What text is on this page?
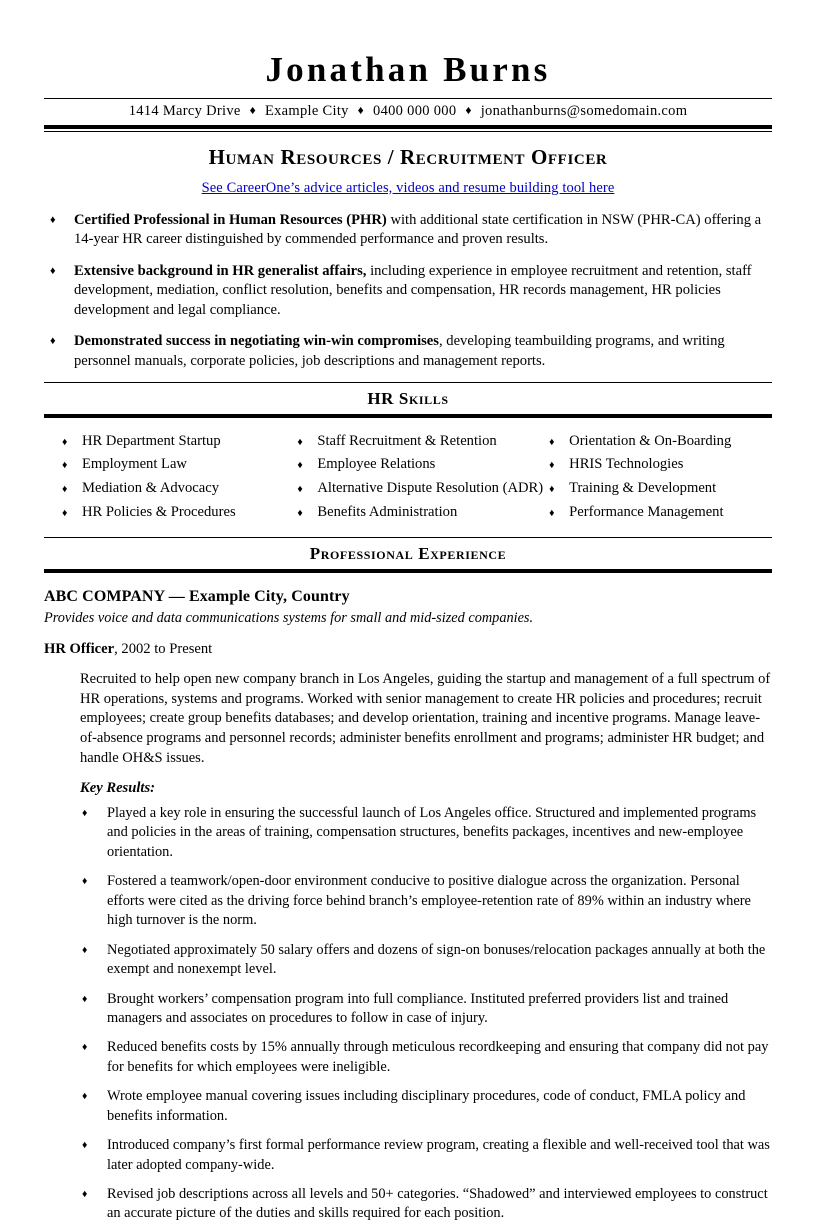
Jonathan Burns
1414 Marcy Drive ♦ Example City ♦ 0400 000 000 ♦ jonathanburns@somedomain.com
Human Resources / Recruitment Officer
See CareerOne’s advice articles, videos and resume building tool here
♦	Certified Professional in Human Resources (PHR) with additional state certification in NSW (PHR-CA) offering a 14-year HR career distinguished by commended performance and proven results.
♦	Extensive background in HR generalist affairs, including experience in employee recruitment and retention, staff development, mediation, conflict resolution, benefits and compensation, HR records management, HR policies development and legal compliance.
♦	Demonstrated success in negotiating win-win compromises, developing teambuilding programs, and writing personnel manuals, corporate policies, job descriptions and management reports.
HR Skills
♦	HR Department Startup
♦	Employment Law
♦	Mediation & Advocacy
♦	HR Policies & Procedures
♦	Staff Recruitment & Retention
♦	Employee Relations
♦	Alternative Dispute Resolution (ADR)
♦	Benefits Administration
♦	Orientation & On-Boarding
♦	HRIS Technologies
♦	Training & Development
♦	Performance Management
Professional Experience
ABC COMPANY — Example City, Country
Provides voice and data communications systems for small and mid-sized companies.
HR Officer, 2002 to Present
Recruited to help open new company branch in Los Angeles, guiding the startup and management of a full spectrum of HR operations, systems and programs. Worked with senior management to create HR policies and procedures; recruit employees; create group benefits databases; and develop orientation, training and incentive programs. Manage leave-of-absence programs and personnel records; administer benefits enrollment and programs; administer HR budget; and handle OH&S issues.
Key Results:
♦	Played a key role in ensuring the successful launch of Los Angeles office. Structured and implemented programs and policies in the areas of training, compensation structures, benefits packages, incentives and new-employee orientation.
♦	Fostered a teamwork/open-door environment conducive to positive dialogue across the organization. Personal efforts were cited as the driving force behind branch’s employee-retention rate of 89% within an industry where high turnover is the norm.
♦	Negotiated approximately 50 salary offers and dozens of sign-on bonuses/relocation packages annually at both the exempt and nonexempt level.
♦	Brought workers’ compensation program into full compliance. Instituted preferred providers list and trained managers and associates on procedures to follow in case of injury.
♦	Reduced benefits costs by 15% annually through meticulous recordkeeping and ensuring that company did not pay for benefits for which employees were ineligible.
♦	Wrote employee manual covering issues including disciplinary procedures, code of conduct, FMLA policy and benefits information.
♦	Introduced company’s first formal performance review program, creating a flexible and well-received tool that was later adopted company-wide.
♦	Revised job descriptions across all levels and 50+ categories. “Shadowed” and interviewed employees to construct an accurate picture of the duties and skills required for each position.
